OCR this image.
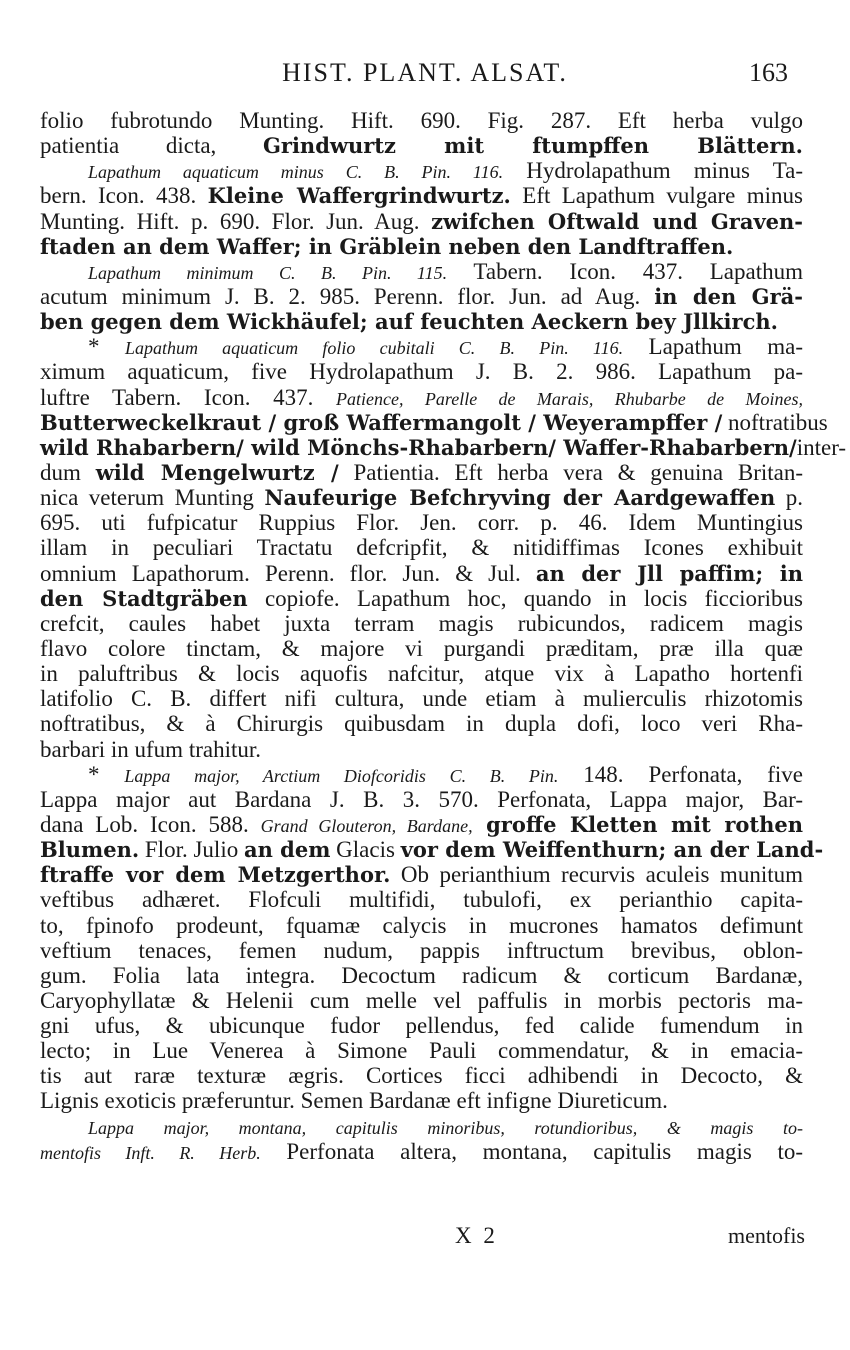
HIST. PLANT. ALSAT.	163
folio fubrotundo Munting. Hift. 690. Fig. 287. Eft herba vulgo
patientia dicta, Grindwurtz mit ftumpffen Blättern.
Lapathum aquaticum minus C. B. Pin. 116. Hydrolapathum minus Ta-
bern. Icon. 438. Kleine Waffergrindwurtz. Eft Lapathum vulgare minus
Munting. Hift. p. 690. Flor. Jun. Aug. zwifchen Oftwald und Graven-
ftaden an dem Waffer; in Gräblein neben den Landftraffen.
Lapathum minimum C. B. Pin. 115. Tabern. Icon. 437. Lapathum
acutum minimum J. B. 2. 985. Perenn. flor. Jun. ad Aug. in den Grä-
ben gegen dem Wickhäufel; auf feuchten Aeckern bey Jllkirch.
* Lapathum aquaticum folio cubitali C. B. Pin. 116. Lapathum ma-
ximum aquaticum, five Hydrolapathum J. B. 2. 986. Lapathum pa-
luftre Tabern. Icon. 437. Patience, Parelle de Marais, Rhubarbe de Moines,
Butterweckelkraut / groß Waffermangolt / Weyerampffer / noftratibus
wild Rhabarbern/ wild Mönchs-Rhabarbern/ Waffer-Rhabarbern/inter-
dum wild Mengelwurtz / Patientia. Eft herba vera & genuina Britan-
nica veterum Munting Naufeurige Befchryving der Aardgewaffen p.
695. uti fufpicatur Ruppius Flor. Jen. corr. p. 46. Idem Muntingius
illam in peculiari Tractatu defcripfit, & nitidiffimas Icones exhibuit
omnium Lapathorum. Perenn. flor. Jun. & Jul. an der Jll paffim; in
den Stadtgräben copiofe. Lapathum hoc, quando in locis ficcioribus
crefcit, caules habet juxta terram magis rubicundos, radicem magis
flavo colore tinctam, & majore vi purgandi præditam, præ illa quæ
in paluftribus & locis aquofis nafcitur, atque vix à Lapatho hortenfi
latifolio C. B. differt nifi cultura, unde etiam à mulierculis rhizotomis
noftratibus, & à Chirurgis quibusdam in dupla dofi, loco veri Rha-
barbari in ufum trahitur.
* Lappa major, Arctium Diofcoridis C. B. Pin. 148. Perfonata, five
Lappa major aut Bardana J. B. 3. 570. Perfonata, Lappa major, Bar-
dana Lob. Icon. 588. Grand Glouteron, Bardane, groffe Kletten mit rothen
Blumen. Flor. Julio an dem Glacis vor dem Weiffenthurn; an der Land-
ftraffe vor dem Metzgerthor. Ob perianthium recurvis aculeis munitum
veftibus adhæret. Flofculi multifidi, tubulofi, ex perianthio capita-
to, fpinofo prodeunt, fquamæ calycis in mucrones hamatos defimunt
veftium tenaces, femen nudum, pappis inftructum brevibus, oblon-
gum. Folia lata integra. Decoctum radicum & corticum Bardanæ,
Caryophyllatæ & Helenii cum melle vel paffulis in morbis pectoris ma-
gni ufus, & ubicunque fudor pellendus, fed calide fumendum in
lecto; in Lue Venerea à Simone Pauli commendatur, & in emacia-
tis aut raræ texturæ ægris. Cortices ficci adhibendi in Decocto, &
Lignis exoticis præferuntur. Semen Bardanæ eft infigne Diureticum.
Lappa major, montana, capitulis minoribus, rotundioribus, & magis to-
mentofis Inft. R. Herb. Perfonata altera, montana, capitulis magis to-
X 2	mentofis
